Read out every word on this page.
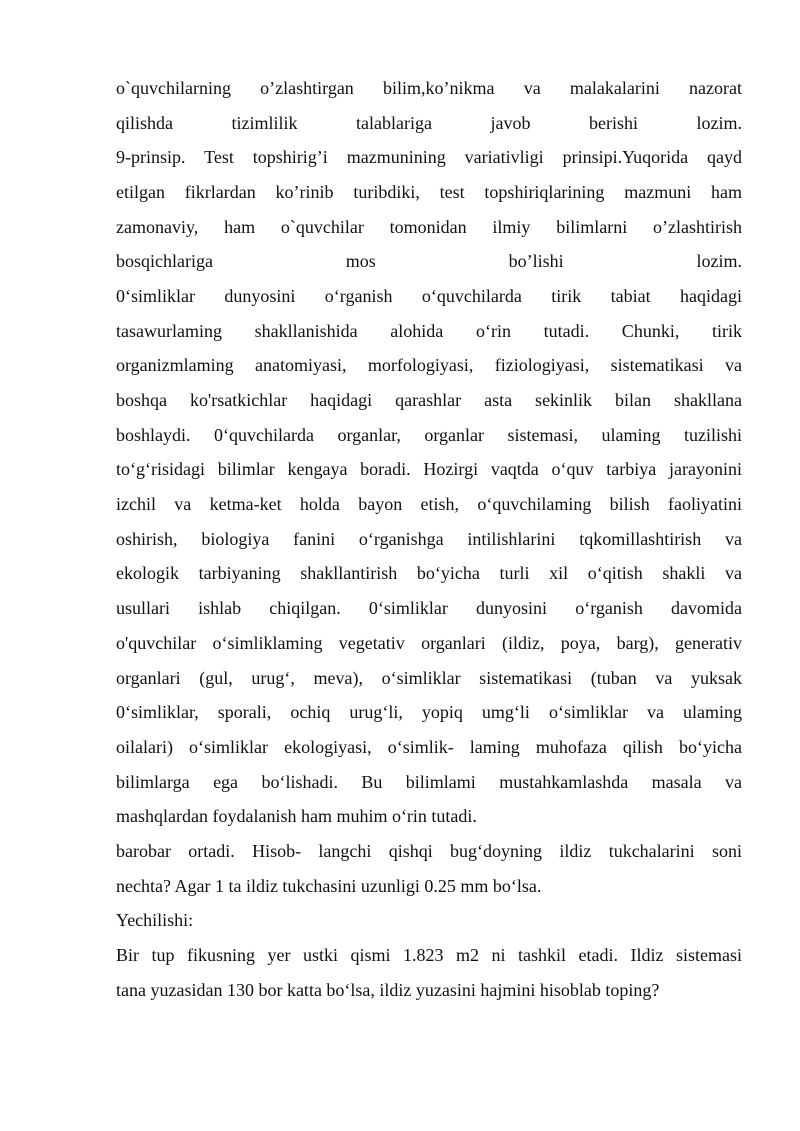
o`quvchilarning o’zlashtirgan bilim,ko’nikma va malakalarini nazorat
qilishda tizimlilik talablariga javob berishi lozim.
9-prinsip. Test topshirig’i mazmunining variativligi prinsipi.Yuqorida qayd
etilgan fikrlardan ko’rinib turibdiki, test topshiriqlarining mazmuni ham
zamonaviy, ham o`quvchilar tomonidan ilmiy bilimlarni o’zlashtirish
bosqichlariga mos bo’lishi lozim.
0‘simliklar dunyosini o‘rganish o‘quvchilarda tirik tabiat haqidagi
tasawurlaming shakllanishida alohida o‘rin tutadi. Chunki, tirik
organizmlaming anatomiyasi, morfologiyasi, fiziologiyasi, sistematikasi va
boshqa ko'rsatkichlar haqidagi qarashlar asta sekinlik bilan shakllana
boshlaydi. 0‘quvchilarda organlar, organlar sistemasi, ulaming tuzilishi
to‘g‘risidagi bilimlar kengaya boradi. Hozirgi vaqtda o‘quv tarbiya jarayonini
izchil va ketma-ket holda bayon etish, o‘quvchilaming bilish faoliyatini
oshirish, biologiya fanini o‘rganishga intilishlarini tqkomillashtirish va
ekologik tarbiyaning shakllantirish bo‘yicha turli xil o‘qitish shakli va
usullari ishlab chiqilgan. 0‘simliklar dunyosini o‘rganish davomida
o'quvchilar o‘simliklaming vegetativ organlari (ildiz, poya, barg), generativ
organlari (gul, urug‘, meva), o‘simliklar sistematikasi (tuban va yuksak
0‘simliklar, sporali, ochiq urug‘li, yopiq umg‘li o‘simliklar va ulaming
oilalari) o‘simliklar ekologiyasi, o‘simlik- laming muhofaza qilish bo‘yicha
bilimlarga ega bo‘lishadi. Bu bilimlami mustahkamlashda masala va
mashqlardan foydalanish ham muhim o‘rin tutadi.
barobar ortadi. Hisob- langchi qishqi bug‘doyning ildiz tukchalarini soni
nechta? Agar 1 ta ildiz tukchasini uzunligi 0.25 mm bo‘lsa.
Yechilishi:
Bir tup fikusning yer ustki qismi 1.823 m2 ni tashkil etadi. Ildiz sistemasi
tana yuzasidan 130 bor katta bo‘lsa, ildiz yuzasini hajmini hisoblab toping?
